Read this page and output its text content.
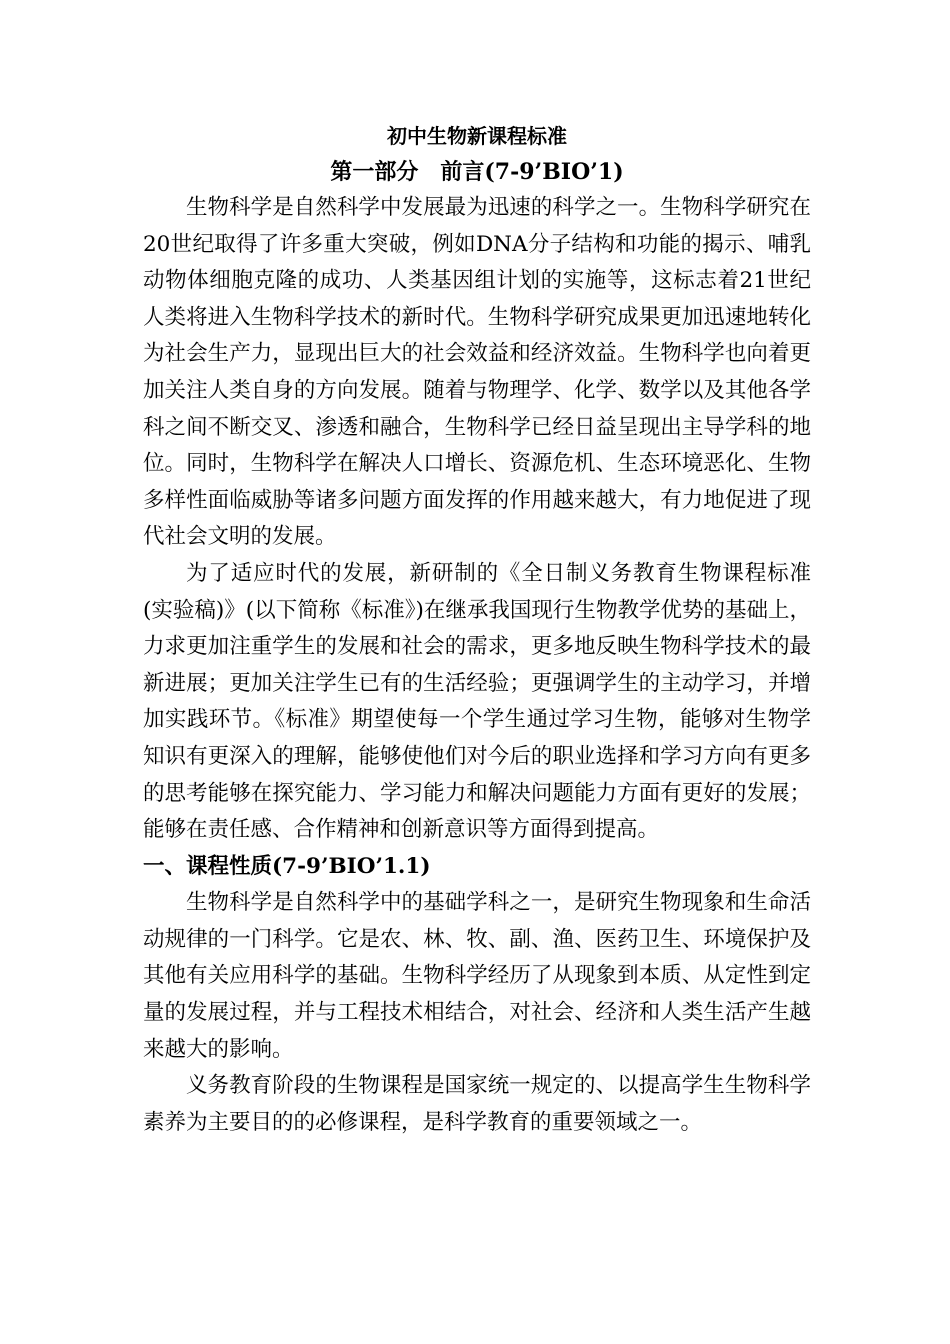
初中生物新课程标准
第一部分　前言(7-9’BIO’1)

生物科学是自然科学中发展最为迅速的科学之一。生物科学研究在20世纪取得了许多重大突破，例如DNA分子结构和功能的揭示、哺乳动物体细胞克隆的成功、人类基因组计划的实施等，这标志着21世纪人类将进入生物科学技术的新时代。生物科学研究成果更加迅速地转化为社会生产力，显现出巨大的社会效益和经济效益。生物科学也向着更加关注人类自身的方向发展。随着与物理学、化学、数学以及其他各学科之间不断交叉、渗透和融合，生物科学已经日益呈现出主导学科的地位。同时，生物科学在解决人口增长、资源危机、生态环境恶化、生物多样性面临威胁等诸多问题方面发挥的作用越来越大，有力地促进了现代社会文明的发展。

为了适应时代的发展，新研制的《全日制义务教育生物课程标准(实验稿)》(以下简称《标准》)在继承我国现行生物教学优势的基础上，力求更加注重学生的发展和社会的需求，更多地反映生物科学技术的最新进展；更加关注学生已有的生活经验；更强调学生的主动学习，并增加实践环节。《标准》期望使每一个学生通过学习生物，能够对生物学知识有更深入的理解，能够使他们对今后的职业选择和学习方向有更多的思考能够在探究能力、学习能力和解决问题能力方面有更好的发展；能够在责任感、合作精神和创新意识等方面得到提高。

一、课程性质(7-9’BIO’1.1)

生物科学是自然科学中的基础学科之一，是研究生物现象和生命活动规律的一门科学。它是农、林、牧、副、渔、医药卫生、环境保护及其他有关应用科学的基础。生物科学经历了从现象到本质、从定性到定量的发展过程，并与工程技术相结合，对社会、经济和人类生活产生越来越大的影响。

义务教育阶段的生物课程是国家统一规定的、以提高学生生物科学素养为主要目的的必修课程，是科学教育的重要领域之一。
